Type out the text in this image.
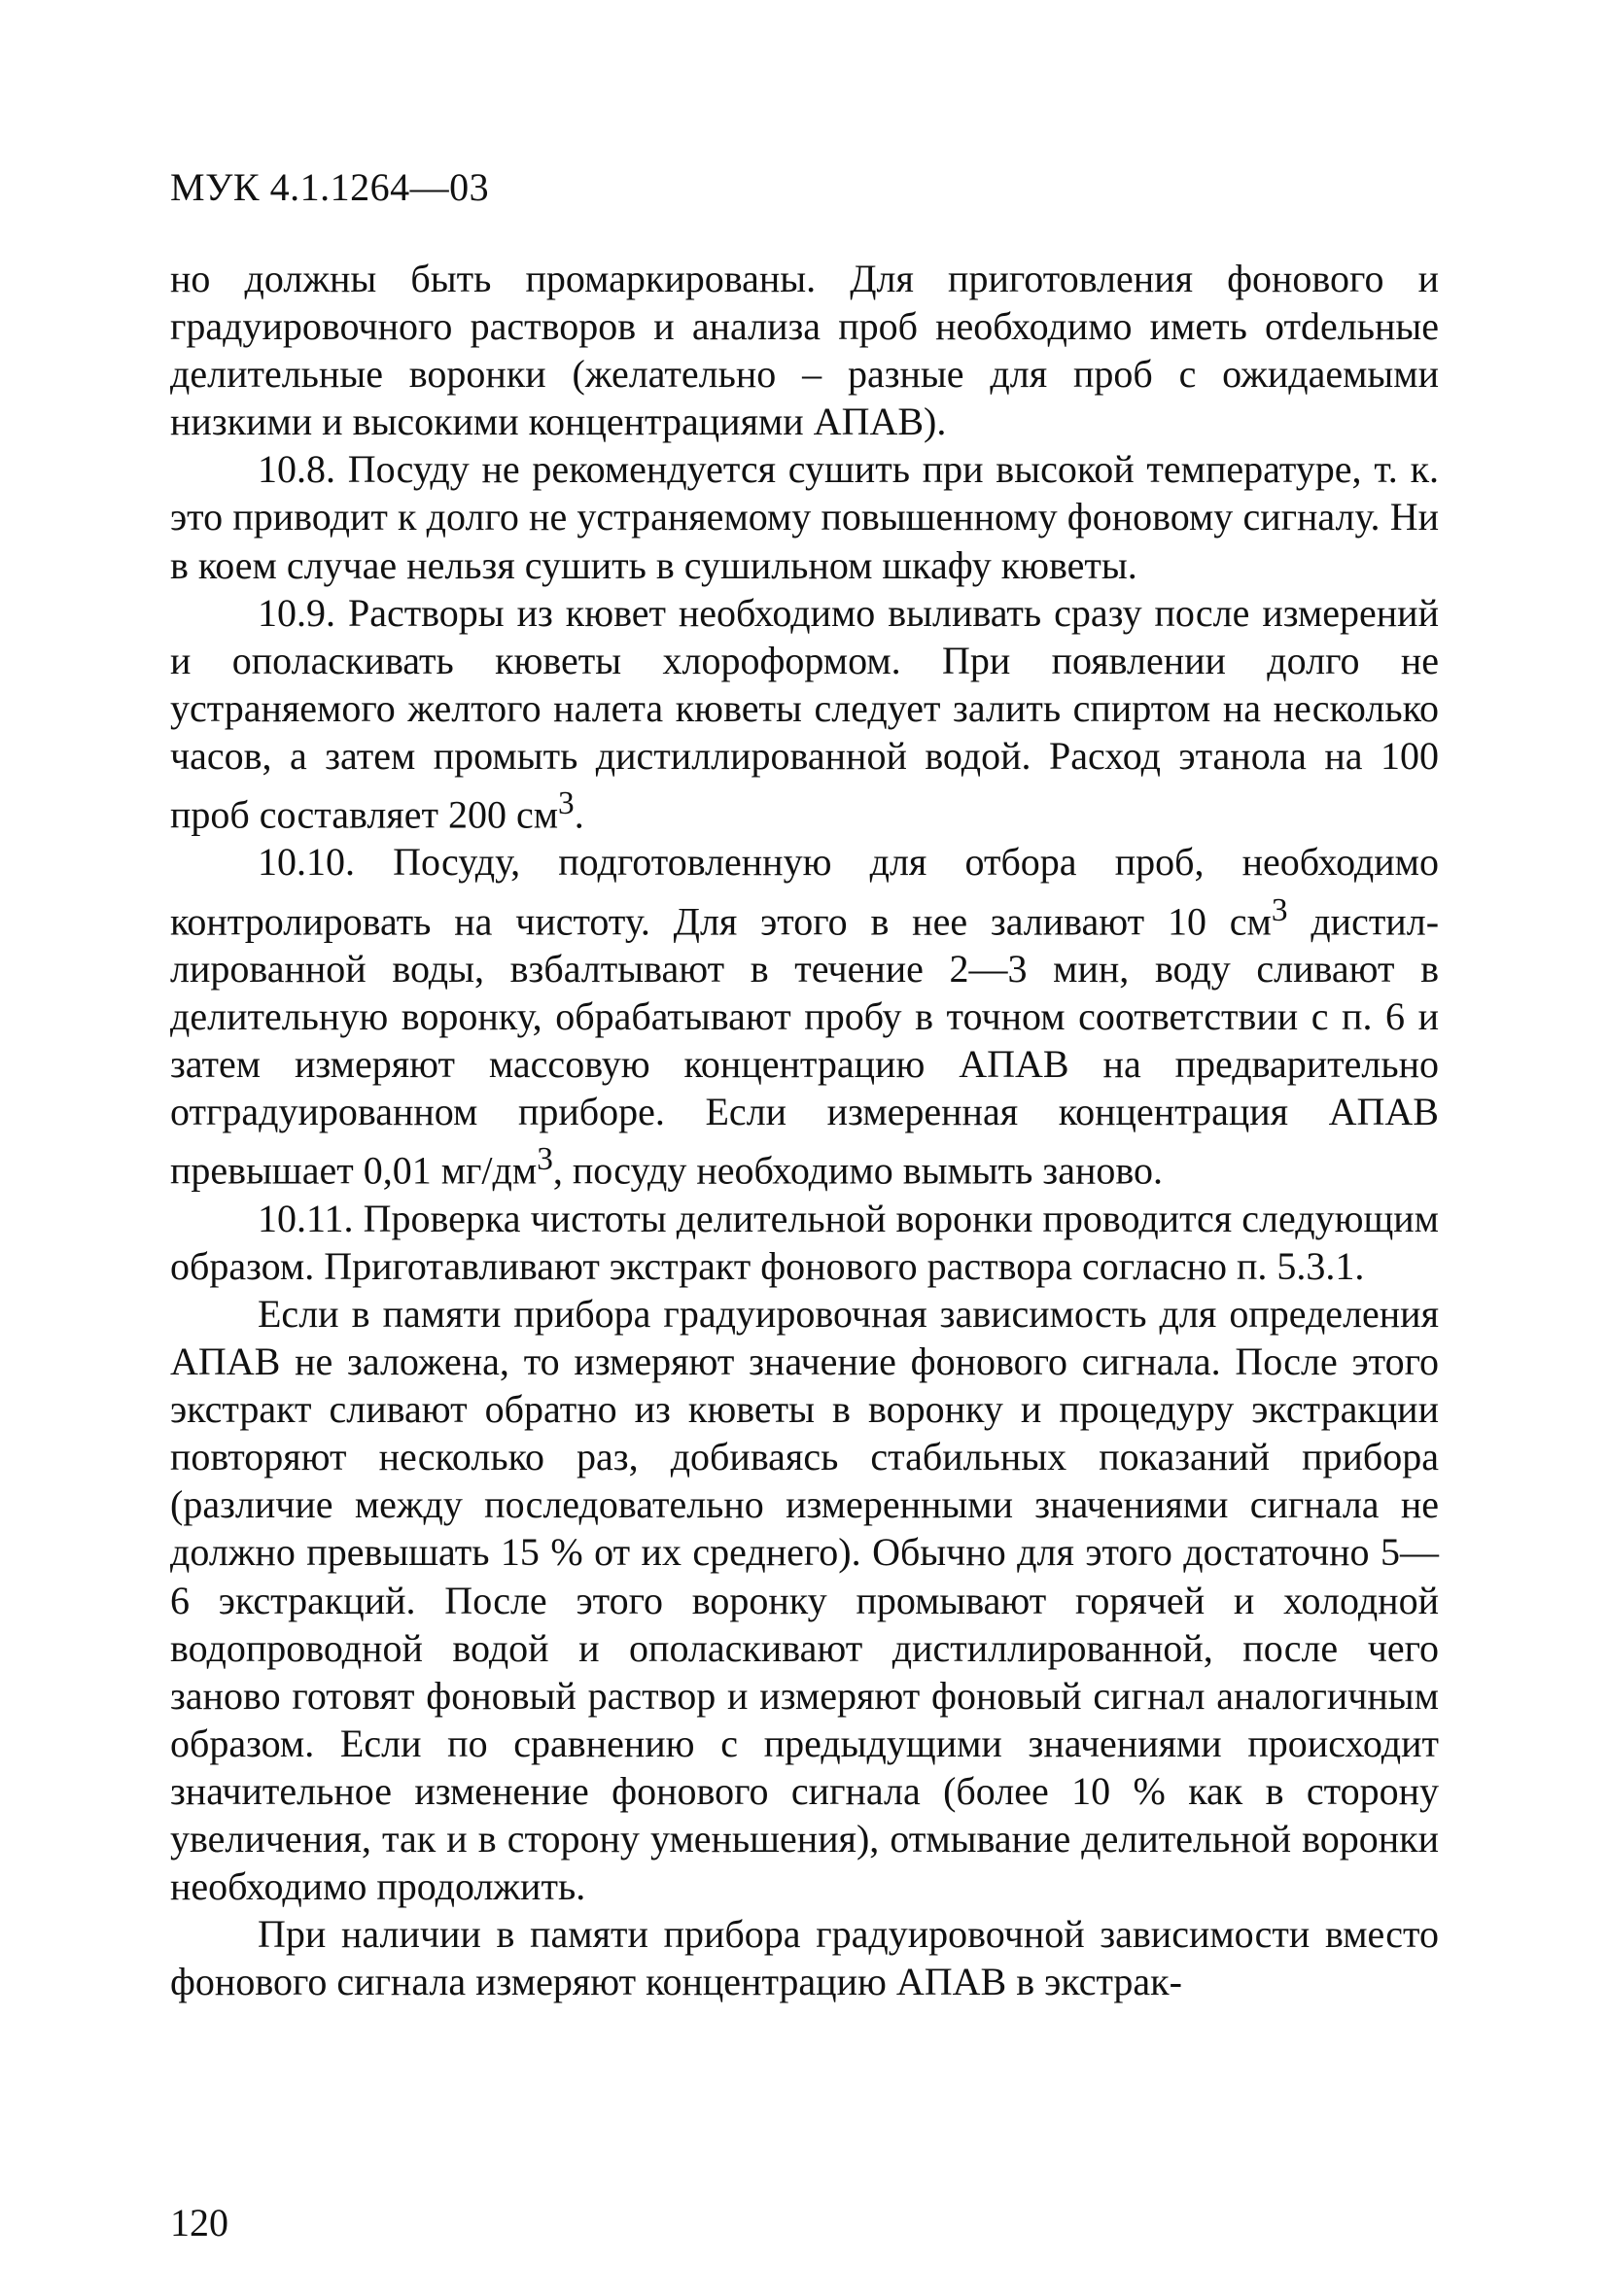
МУК 4.1.1264—03

но должны быть промаркированы. Для приготовления фонового и градуировочного растворов и анализа проб необходимо иметь отdельные делительные воронки (желательно – разные для проб с ожидаемыми низкими и высокими концентрациями АПАВ).

10.8. Посуду не рекомендуется сушить при высокой температуре, т. к. это приводит к долго не устраняемому повышенному фоновому сигналу. Ни в коем случае нельзя сушить в сушильном шкафу кюветы.

10.9. Растворы из кювет необходимо выливать сразу после измерений и ополаскивать кюветы хлороформом. При появлении долго не устраняемого желтого налета кюветы следует залить спиртом на несколько часов, а затем промыть дистиллированной водой. Расход этанола на 100 проб составляет 200 $см^3$.

10.10. Посуду, подготовленную для отбора проб, необходимо контролировать на чистоту. Для этого в нее заливают 10 $см^3$ дистиллированной воды, взбалтывают в течение 2—3 мин, воду сливают в делительную воронку, обрабатывают пробу в точном соответствии с п. 6 и затем измеряют массовую концентрацию АПАВ на предварительно отградуированном приборе. Если измеренная концентрация АПАВ превышает 0,01 $мг/дм^3$, посуду необходимо вымыть заново.

10.11. Проверка чистоты делительной воронки проводится следующим образом. Приготавливают экстракт фонового раствора согласно п. 5.3.1.

Если в памяти прибора градуировочная зависимость для определения АПАВ не заложена, то измеряют значение фонового сигнала. После этого экстракт сливают обратно из кюветы в воронку и процедуру экстракции повторяют несколько раз, добиваясь стабильных показаний прибора (различие между последовательно измеренными значениями сигнала не должно превышать 15 % от их среднего). Обычно для этого достаточно 5—6 экстракций. После этого воронку промывают горячей и холодной водопроводной водой и ополаскивают дистиллированной, после чего заново готовят фоновый раствор и измеряют фоновый сигнал аналогичным образом. Если по сравнению с предыдущими значениями происходит значительное изменение фонового сигнала (более 10 % как в сторону увеличения, так и в сторону уменьшения), отмывание делительной воронки необходимо продолжить.

При наличии в памяти прибора градуировочной зависимости вместо фонового сигнала измеряют концентрацию АПАВ в экстрак-

120
